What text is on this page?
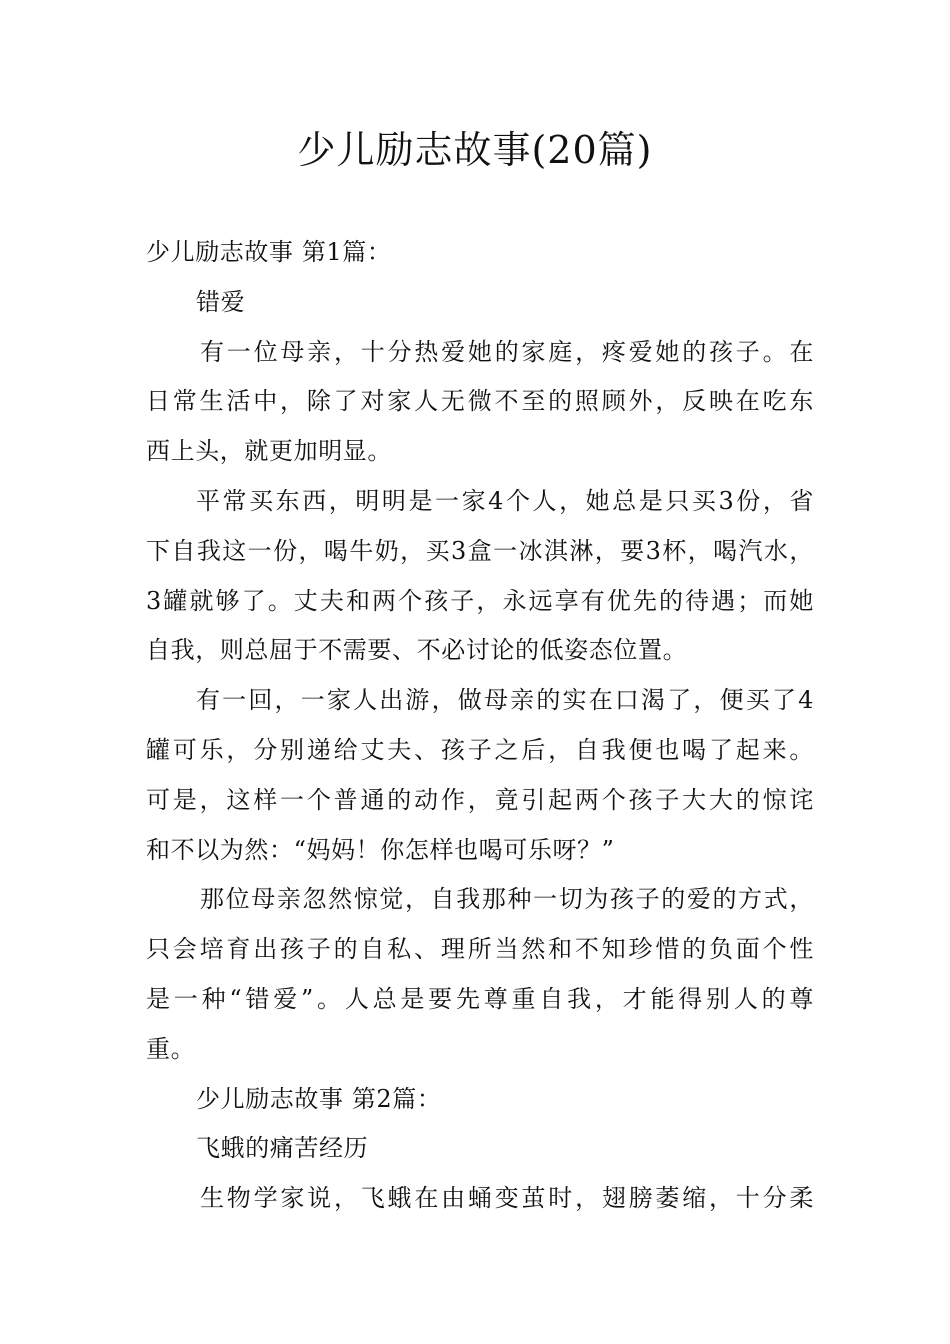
少儿励志故事(20篇)
少儿励志故事 第1篇：
错爱
有一位母亲，十分热爱她的家庭，疼爱她的孩子。在
日常生活中，除了对家人无微不至的照顾外，反映在吃东
西上头，就更加明显。
平常买东西，明明是一家4个人，她总是只买3份，省
下自我这一份，喝牛奶，买3盒一冰淇淋，要3杯，喝汽水，
3罐就够了。丈夫和两个孩子，永远享有优先的待遇；而她
自我，则总屈于不需要、不必讨论的低姿态位置。
有一回，一家人出游，做母亲的实在口渴了，便买了4
罐可乐，分别递给丈夫、孩子之后，自我便也喝了起来。
可是，这样一个普通的动作，竟引起两个孩子大大的惊诧
和不以为然：“妈妈！你怎样也喝可乐呀？”
那位母亲忽然惊觉，自我那种一切为孩子的爱的方式，
只会培育出孩子的自私、理所当然和不知珍惜的负面个性
是一种“错爱”。人总是要先尊重自我，才能得别人的尊
重。
少儿励志故事 第2篇：
飞蛾的痛苦经历
生物学家说，飞蛾在由蛹变茧时，翅膀萎缩，十分柔
